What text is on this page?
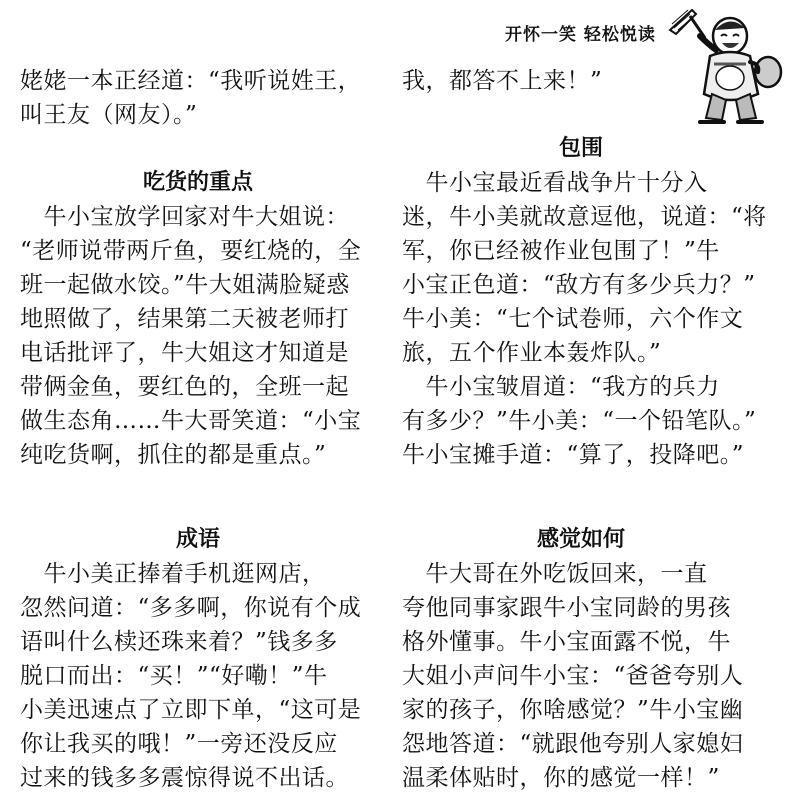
开怀一笑 轻松悦读
姥姥一本正经道：“我听说姓王，
叫王友（网友）。”
吃货的重点
　牛小宝放学回家对牛大姐说：
“老师说带两斤鱼，要红烧的，全
班一起做水饺。”牛大姐满脸疑惑
地照做了，结果第二天被老师打
电话批评了，牛大姐这才知道是
带俩金鱼，要红色的，全班一起
做生态角……牛大哥笑道：“小宝
纯吃货啊，抓住的都是重点。”
成语
　牛小美正捧着手机逛网店，
忽然问道：“多多啊，你说有个成
语叫什么椟还珠来着？”钱多多
脱口而出：“买！”“好嘞！”牛
小美迅速点了立即下单，“这可是
你让我买的哦！”一旁还没反应
过来的钱多多震惊得说不出话。
我，都答不上来！”
包围
　牛小宝最近看战争片十分入
迷，牛小美就故意逗他，说道：“将
军，你已经被作业包围了！”牛
小宝正色道：“敌方有多少兵力？”
牛小美：“七个试卷师，六个作文
旅，五个作业本轰炸队。”
　牛小宝皱眉道：“我方的兵力
有多少？”牛小美：“一个铅笔队。”
牛小宝摊手道：“算了，投降吧。”
感觉如何
　牛大哥在外吃饭回来，一直
夸他同事家跟牛小宝同龄的男孩
格外懂事。牛小宝面露不悦，牛
大姐小声问牛小宝：“爸爸夸别人
家的孩子，你啥感觉？”牛小宝幽
怨地答道：“就跟他夸别人家媳妇
温柔体贴时，你的感觉一样！”
